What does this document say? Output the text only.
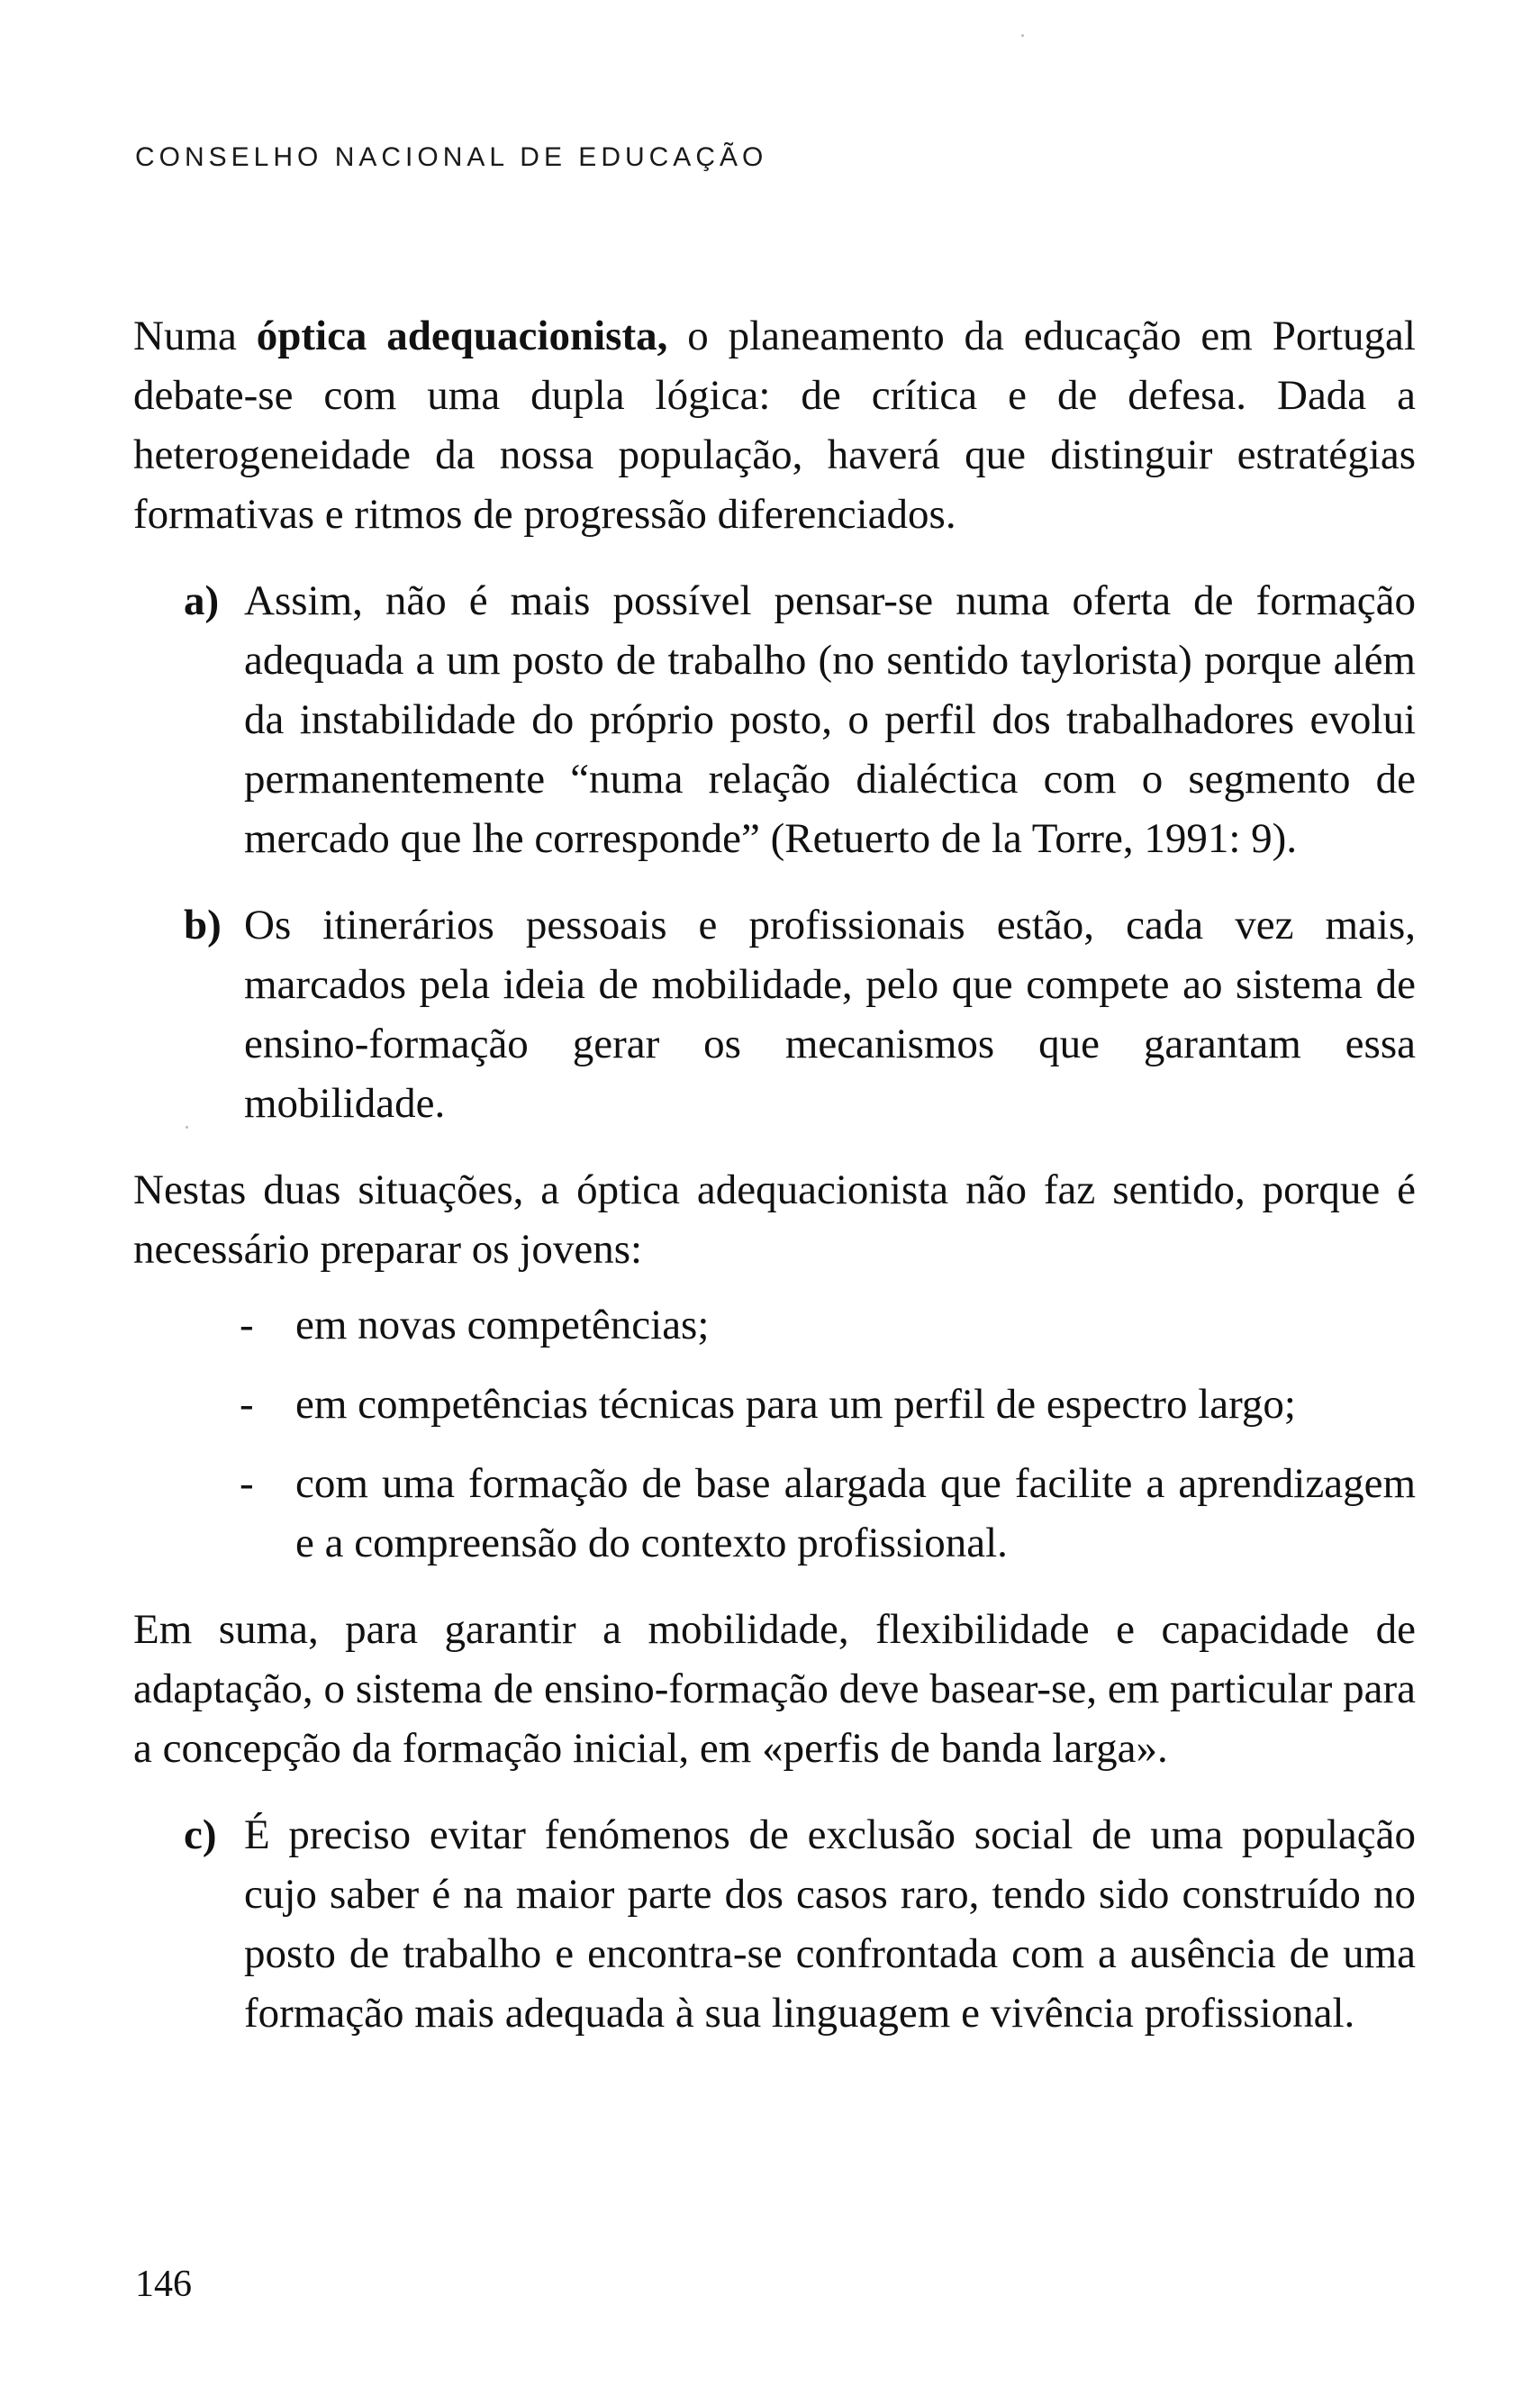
CONSELHO NACIONAL DE EDUCAÇÃO

Numa óptica adequacionista, o planeamento da educação em Portugal debate-se com uma dupla lógica: de crítica e de defesa. Dada a heterogeneidade da nossa população, haverá que distinguir estratégias formativas e ritmos de progressão diferenciados.

a) Assim, não é mais possível pensar-se numa oferta de formação adequada a um posto de trabalho (no sentido taylorista) porque além da instabilidade do próprio posto, o perfil dos trabalhadores evolui permanentemente “numa relação dialéctica com o segmento de mercado que lhe corresponde” (Retuerto de la Torre, 1991: 9).
b) Os itinerários pessoais e profissionais estão, cada vez mais, marcados pela ideia de mobilidade, pelo que compete ao sistema de ensino-formação gerar os mecanismos que garantam essa mobilidade.

Nestas duas situações, a óptica adequacionista não faz sentido, porque é necessário preparar os jovens:

- em novas competências;
- em competências técnicas para um perfil de espectro largo;
- com uma formação de base alargada que facilite a aprendizagem e a compreensão do contexto profissional.

Em suma, para garantir a mobilidade, flexibilidade e capacidade de adaptação, o sistema de ensino-formação deve basear-se, em particular para a concepção da formação inicial, em «perfis de banda larga».

c) É preciso evitar fenómenos de exclusão social de uma população cujo saber é na maior parte dos casos raro, tendo sido construído no posto de trabalho e encontra-se confrontada com a ausência de uma formação mais adequada à sua linguagem e vivência profissional.
146
